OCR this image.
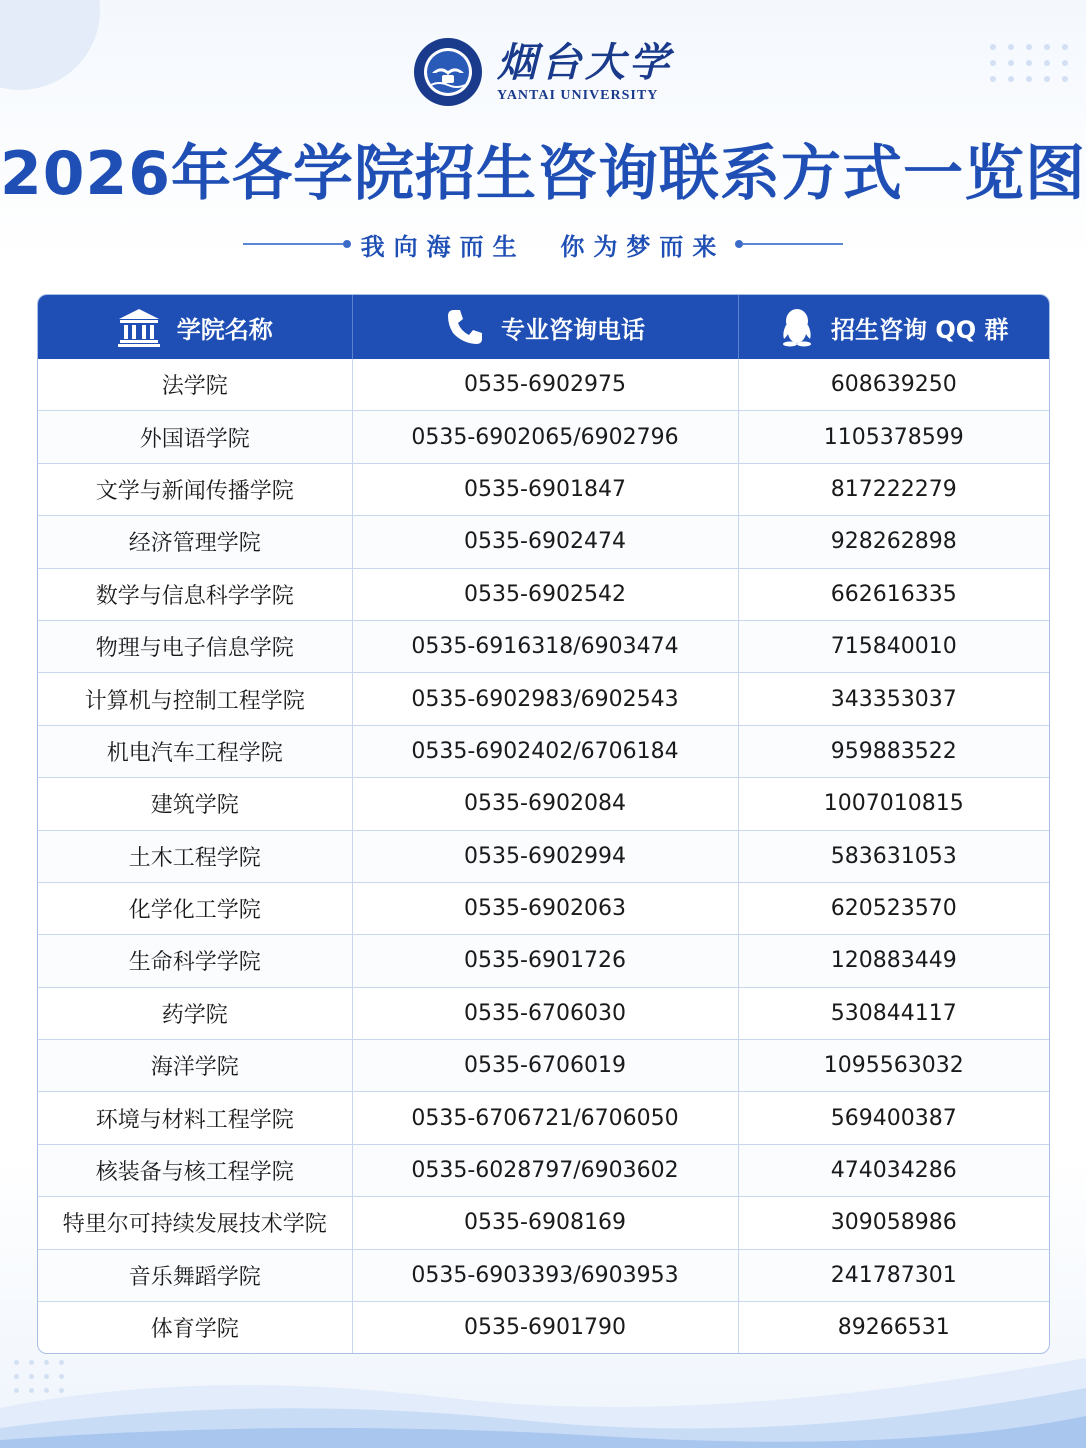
烟台大学
YANTAI UNIVERSITY
2026年各学院招生咨询联系方式一览图
我向海而生  你为梦而来
学院名称	专业咨询电话	招生咨询 QQ 群

法学院	0535-6902975	608639250
外国语学院	0535-6902065/6902796	1105378599
文学与新闻传播学院	0535-6901847	817222279
经济管理学院	0535-6902474	928262898
数学与信息科学学院	0535-6902542	662616335
物理与电子信息学院	0535-6916318/6903474	715840010
计算机与控制工程学院	0535-6902983/6902543	343353037
机电汽车工程学院	0535-6902402/6706184	959883522
建筑学院	0535-6902084	1007010815
土木工程学院	0535-6902994	583631053
化学化工学院	0535-6902063	620523570
生命科学学院	0535-6901726	120883449
药学院	0535-6706030	530844117
海洋学院	0535-6706019	1095563032
环境与材料工程学院	0535-6706721/6706050	569400387
核装备与核工程学院	0535-6028797/6903602	474034286
特里尔可持续发展技术学院	0535-6908169	309058986
音乐舞蹈学院	0535-6903393/6903953	241787301
体育学院	0535-6901790	89266531
